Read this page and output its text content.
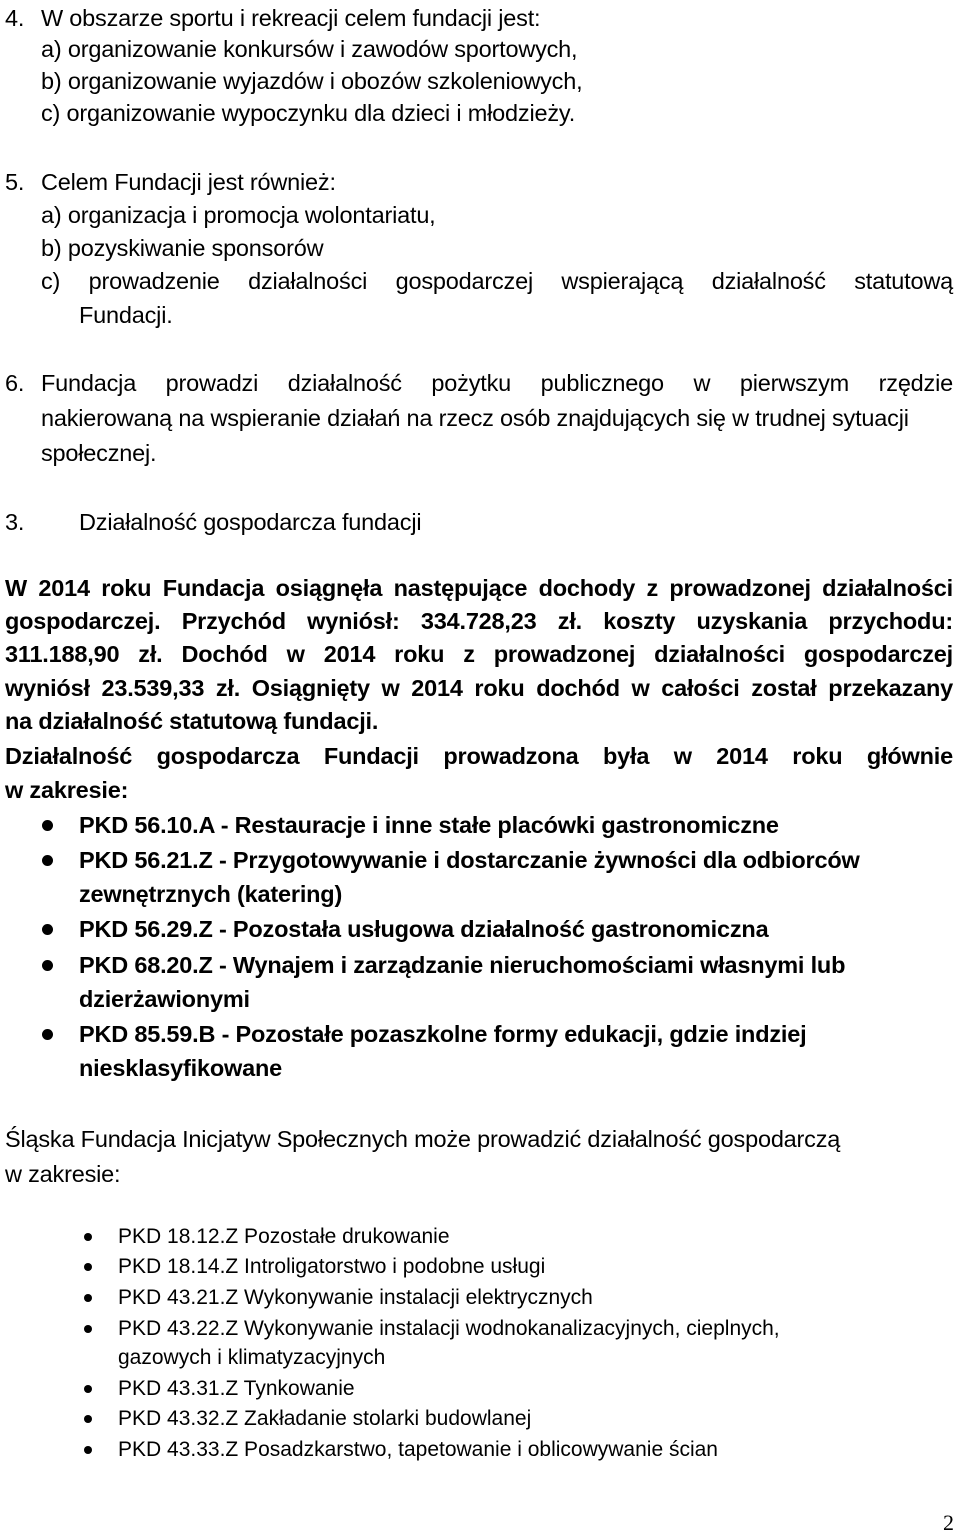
4. W obszarze sportu i rekreacji celem fundacji jest:
a) organizowanie konkursów i zawodów sportowych,
b) organizowanie wyjazdów i obozów szkoleniowych,
c) organizowanie wypoczynku dla dzieci i młodzieży.
5. Celem Fundacji jest również:
a) organizacja i promocja wolontariatu,
b) pozyskiwanie sponsorów
c) prowadzenie działalności gospodarczej wspierającą działalność statutową
Fundacji.
6. Fundacja prowadzi działalność pożytku publicznego w pierwszym rzędzie
nakierowaną na wspieranie działań na rzecz osób znajdujących się w trudnej sytuacji
społecznej.
3. Działalność gospodarcza fundacji
W 2014 roku Fundacja osiągnęła następujące dochody z prowadzonej działalności
gospodarczej. Przychód wyniósł: 334.728,23 zł. koszty uzyskania przychodu:
311.188,90 zł. Dochód w 2014 roku z prowadzonej działalności gospodarczej
wyniósł 23.539,33 zł. Osiągnięty w 2014 roku dochód w całości został przekazany
na działalność statutową fundacji.
Działalność gospodarcza Fundacji prowadzona była w 2014 roku głównie
w zakresie:
PKD 56.10.A - Restauracje i inne stałe placówki gastronomiczne
PKD 56.21.Z - Przygotowywanie i dostarczanie żywności dla odbiorców
zewnętrznych (katering)
PKD 56.29.Z - Pozostała usługowa działalność gastronomiczna
PKD 68.20.Z - Wynajem i zarządzanie nieruchomościami własnymi lub
dzierżawionymi
PKD 85.59.B - Pozostałe pozaszkolne formy edukacji, gdzie indziej
niesklasyfikowane
Śląska Fundacja Inicjatyw Społecznych może prowadzić działalność gospodarczą
w zakresie:
PKD 18.12.Z Pozostałe drukowanie
PKD 18.14.Z Introligatorstwo i podobne usługi
PKD 43.21.Z Wykonywanie instalacji elektrycznych
PKD 43.22.Z Wykonywanie instalacji wodnokanalizacyjnych, cieplnych,
gazowych i klimatyzacyjnych
PKD 43.31.Z Tynkowanie
PKD 43.32.Z Zakładanie stolarki budowlanej
PKD 43.33.Z Posadzkarstwo, tapetowanie i oblicowywanie ścian
2
